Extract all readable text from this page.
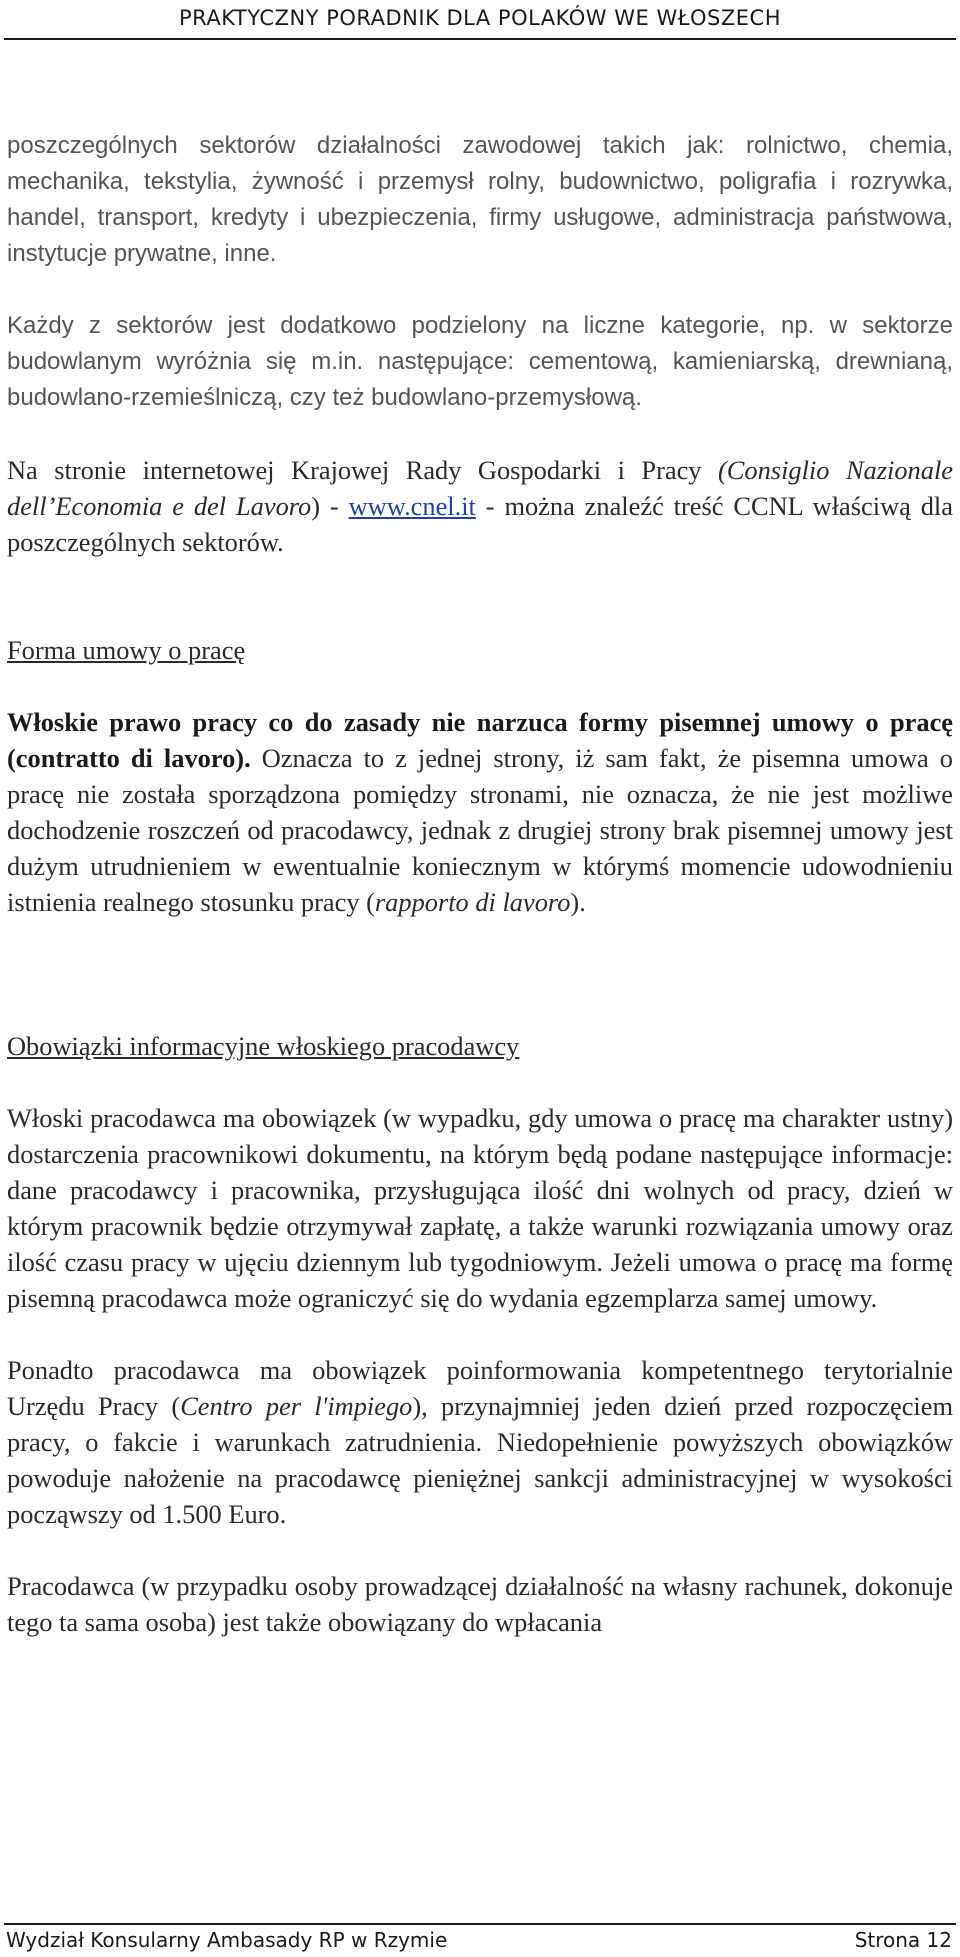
PRAKTYCZNY PORADNIK DLA POLAKÓW WE WŁOSZECH

poszczególnych sektorów działalności zawodowej takich jak: rolnictwo, chemia, mechanika, tekstylia, żywność i przemysł rolny, budownictwo, poligrafia i rozrywka, handel, transport, kredyty i ubezpieczenia, firmy usługowe, administracja państwowa, instytucje prywatne, inne.

Każdy z sektorów jest dodatkowo podzielony na liczne kategorie, np. w sektorze budowlanym wyróżnia się m.in. następujące: cementową, kamieniarską, drewnianą, budowlano-rzemieślniczą, czy też budowlano-przemysłową.

Na stronie internetowej Krajowej Rady Gospodarki i Pracy (Consiglio Nazionale dell’Economia e del Lavoro) - www.cnel.it - można znaleźć treść CCNL właściwą dla poszczególnych sektorów.

Forma umowy o pracę

Włoskie prawo pracy co do zasady nie narzuca formy pisemnej umowy o pracę (contratto di lavoro). Oznacza to z jednej strony, iż sam fakt, że pisemna umowa o pracę nie została sporządzona pomiędzy stronami, nie oznacza, że nie jest możliwe dochodzenie roszczeń od pracodawcy, jednak z drugiej strony brak pisemnej umowy jest dużym utrudnieniem w ewentualnie koniecznym w którymś momencie udowodnieniu istnienia realnego stosunku pracy (rapporto di lavoro).

Obowiązki informacyjne włoskiego pracodawcy

Włoski pracodawca ma obowiązek (w wypadku, gdy umowa o pracę ma charakter ustny) dostarczenia pracownikowi dokumentu, na którym będą podane następujące informacje: dane pracodawcy i pracownika, przysługująca ilość dni wolnych od pracy, dzień w którym pracownik będzie otrzymywał zapłatę, a także warunki rozwiązania umowy oraz ilość czasu pracy w ujęciu dziennym lub tygodniowym. Jeżeli umowa o pracę ma formę pisemną pracodawca może ograniczyć się do wydania egzemplarza samej umowy.

Ponadto pracodawca ma obowiązek poinformowania kompetentnego terytorialnie Urzędu Pracy (Centro per l'impiego), przynajmniej jeden dzień przed rozpoczęciem pracy, o fakcie i warunkach zatrudnienia. Niedopełnienie powyższych obowiązków powoduje nałożenie na pracodawcę pieniężnej sankcji administracyjnej w wysokości począwszy od 1.500 Euro.

Pracodawca (w przypadku osoby prowadzącej działalność na własny rachunek, dokonuje tego ta sama osoba) jest także obowiązany do wpłacania

Wydział Konsularny Ambasady RP w Rzymie	Strona 12
